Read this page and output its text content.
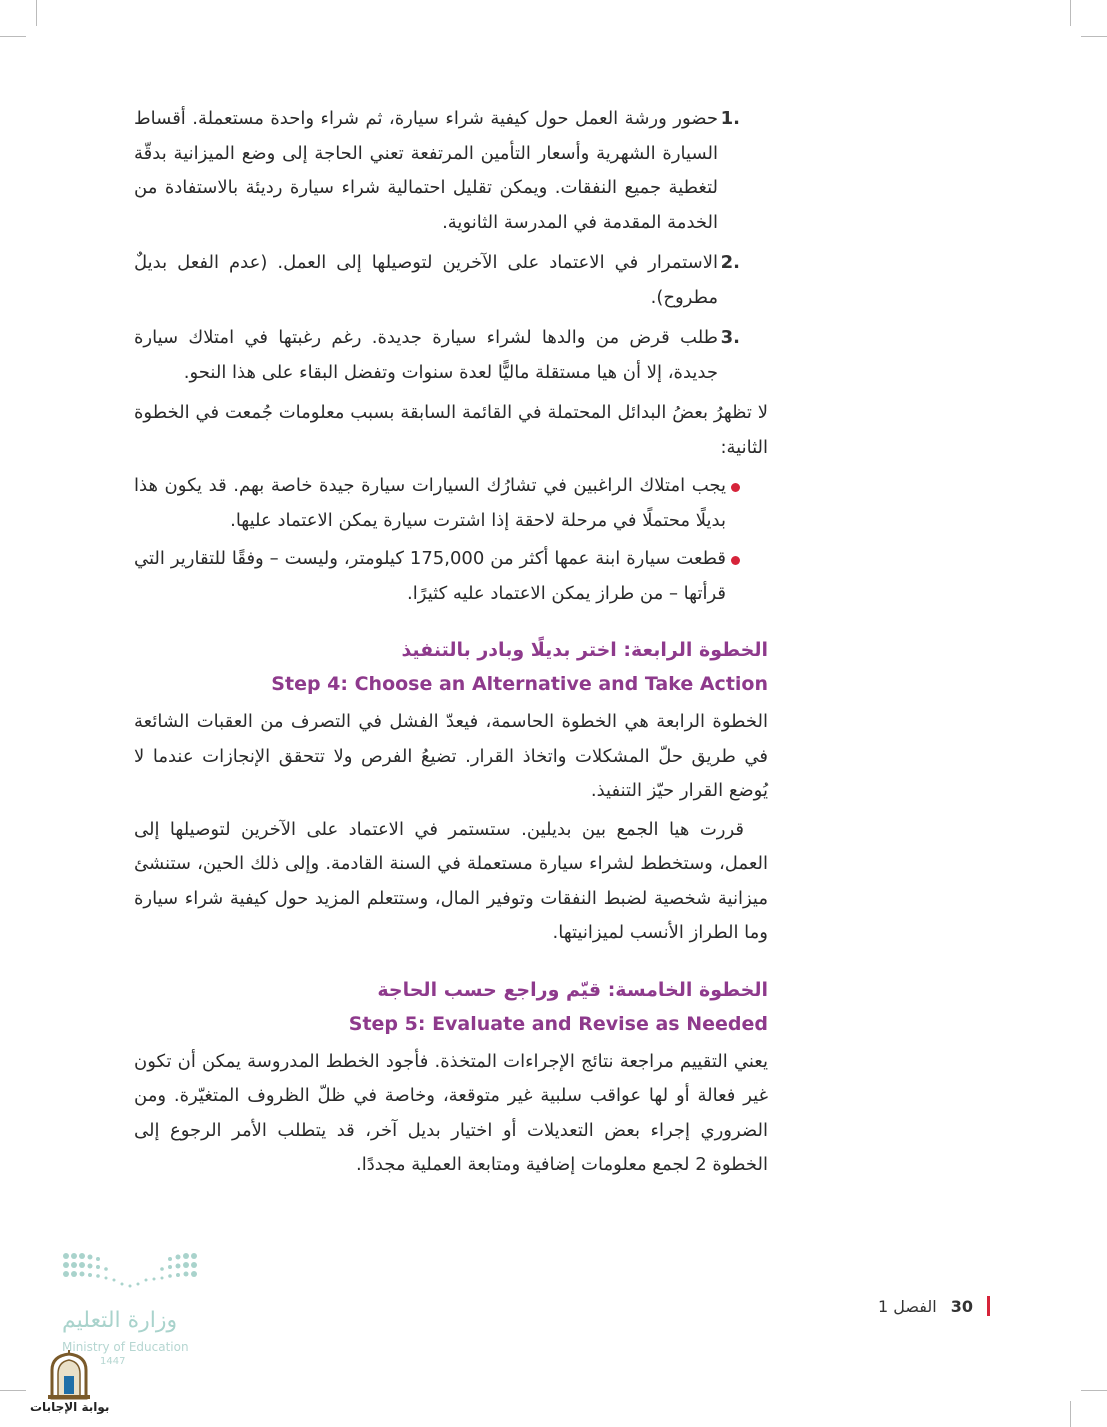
1.
حضور ورشة العمل حول كيفية شراء سيارة، ثم شراء واحدة مستعملة. أقساط السيارة الشهرية وأسعار التأمين المرتفعة تعني الحاجة إلى وضع الميزانية بدقّة لتغطية جميع النفقات. ويمكن تقليل احتمالية شراء سيارة رديئة بالاستفادة من الخدمة المقدمة في المدرسة الثانوية.

2.
الاستمرار في الاعتماد على الآخرين لتوصيلها إلى العمل. (عدم الفعل بديلٌ مطروح).

3.
طلب قرض من والدها لشراء سيارة جديدة. رغم رغبتها في امتلاك سيارة جديدة، إلا أن هيا مستقلة ماليًّا لعدة سنوات وتفضل البقاء على هذا النحو.

لا تظهرُ بعضُ البدائل المحتملة في القائمة السابقة بسبب معلومات جُمعت في الخطوة الثانية:

يجب امتلاك الراغبين في تشارُك السيارات سيارة جيدة خاصة بهم. قد يكون هذا بديلًا محتملًا في مرحلة لاحقة إذا اشترت سيارة يمكن الاعتماد عليها.

قطعت سيارة ابنة عمها أكثر من 175,000 كيلومتر، وليست – وفقًا للتقارير التي قرأتها – من طراز يمكن الاعتماد عليه كثيرًا.

الخطوة الرابعة: اختر بديلًا وبادر بالتنفيذ

Step 4: Choose an Alternative and Take Action

الخطوة الرابعة هي الخطوة الحاسمة، فيعدّ الفشل في التصرف من العقبات الشائعة في طريق حلّ المشكلات واتخاذ القرار. تضيعُ الفرص ولا تتحقق الإنجازات عندما لا يُوضع القرار حيّز التنفيذ.

قررت هيا الجمع بين بديلين. ستستمر في الاعتماد على الآخرين لتوصيلها إلى العمل، وستخطط لشراء سيارة مستعملة في السنة القادمة. وإلى ذلك الحين، ستنشئ ميزانية شخصية لضبط النفقات وتوفير المال، وستتعلم المزيد حول كيفية شراء سيارة وما الطراز الأنسب لميزانيتها.

الخطوة الخامسة: قيّم وراجع حسب الحاجة

Step 5: Evaluate and Revise as Needed

يعني التقييم مراجعة نتائج الإجراءات المتخذة. فأجود الخطط المدروسة يمكن أن تكون غير فعالة أو لها عواقب سلبية غير متوقعة، وخاصة في ظلّ الظروف المتغيّرة. ومن الضروري إجراء بعض التعديلات أو اختيار بديل آخر، قد يتطلب الأمر الرجوع إلى الخطوة 2 لجمع معلومات إضافية ومتابعة العملية مجددًا.

30
الفصل 1
وزارة التعليم
Ministry of Education
1447
بوابة الإجابات
